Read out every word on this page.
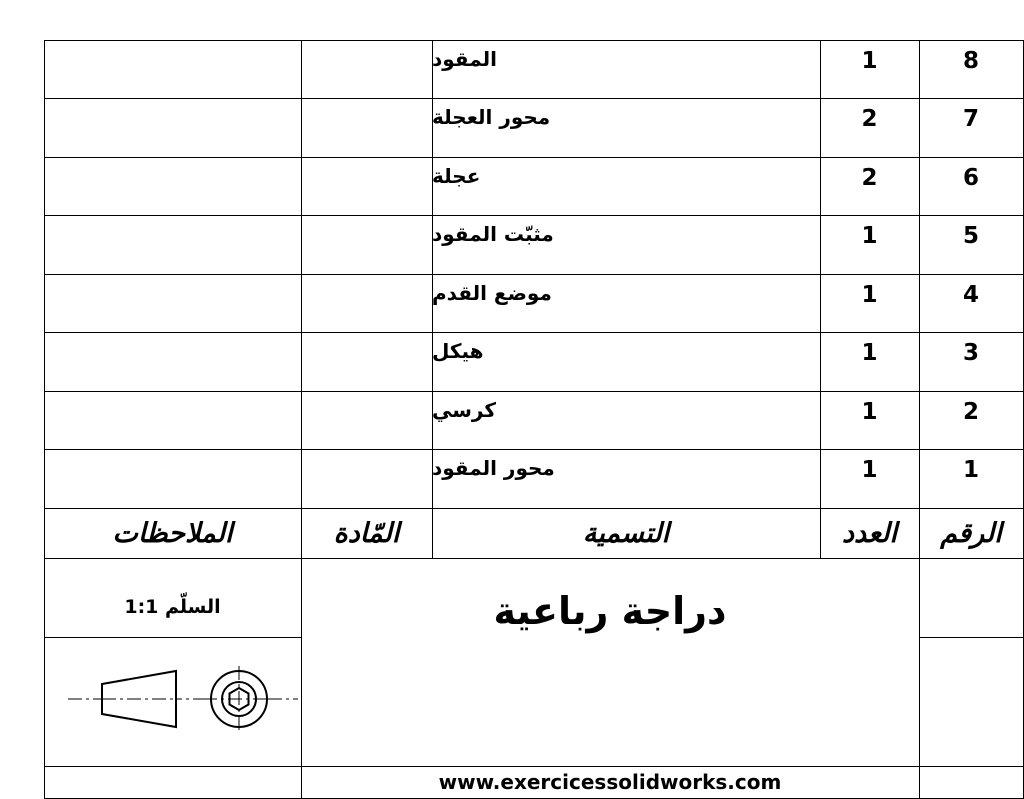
8
1
المقود
7
2
محور العجلة
6
2
عجلة
5
1
مثبّت المقود
4
1
موضع القدم
3
1
هيكل
2
1
كرسي
1
1
محور المقود
الرقم
العدد
التسمية
المّادة
الملاحظات
دراجة رباعية
السلّم 1:1
www.exercicessolidworks.com
